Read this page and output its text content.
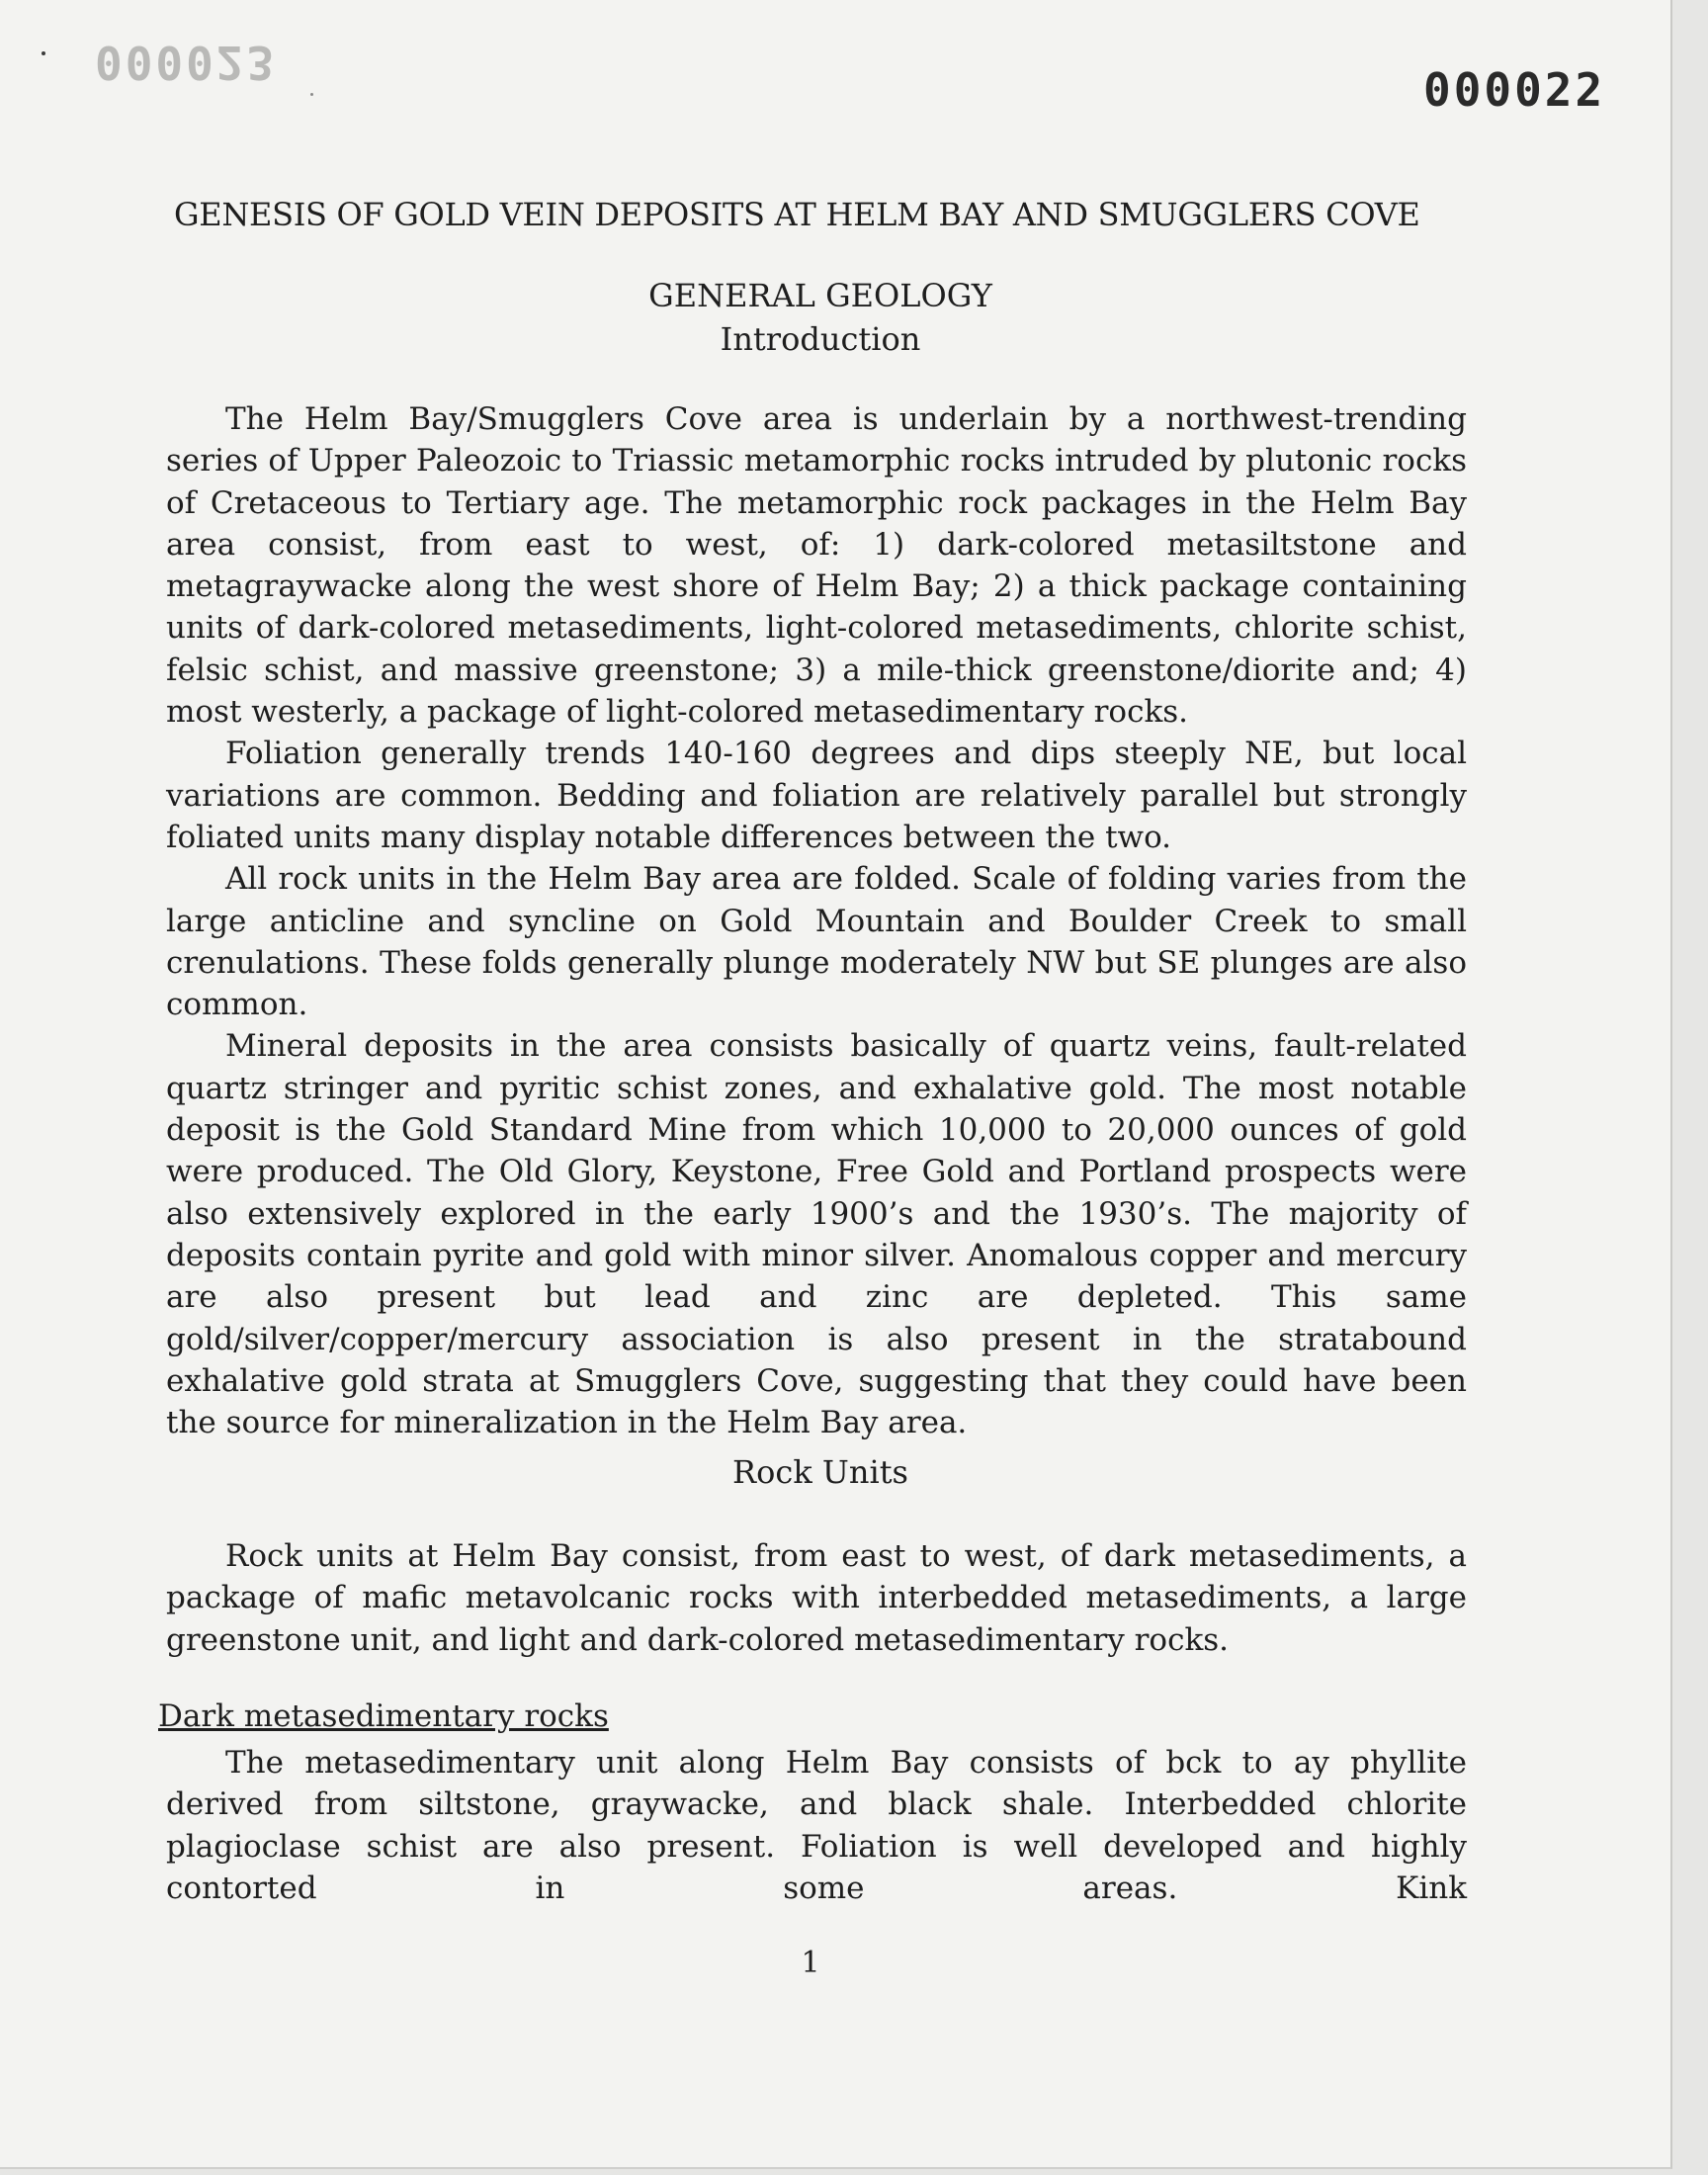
000023
000022
GENESIS OF GOLD VEIN DEPOSITS AT HELM BAY AND SMUGGLERS COVE
GENERAL GEOLOGY
Introduction

The Helm Bay/Smugglers Cove area is underlain by a northwest-trending series of Upper Paleozoic to Triassic metamorphic rocks intruded by plutonic rocks of Cretaceous to Tertiary age. The metamorphic rock packages in the Helm Bay area consist, from east to west, of: 1) dark-colored metasiltstone and metagraywacke along the west shore of Helm Bay; 2) a thick package containing units of dark-colored metasediments, light-colored metasediments, chlorite schist, felsic schist, and massive greenstone; 3) a mile-thick greenstone/diorite and; 4) most westerly, a package of light-colored metasedimentary rocks.

Foliation generally trends 140-160 degrees and dips steeply NE, but local variations are common. Bedding and foliation are relatively parallel but strongly foliated units many display notable differences between the two.

All rock units in the Helm Bay area are folded. Scale of folding varies from the large anticline and syncline on Gold Mountain and Boulder Creek to small crenulations. These folds generally plunge moderately NW but SE plunges are also common.

Mineral deposits in the area consists basically of quartz veins, fault-related quartz stringer and pyritic schist zones, and exhalative gold. The most notable deposit is the Gold Standard Mine from which 10,000 to 20,000 ounces of gold were produced. The Old Glory, Keystone, Free Gold and Portland prospects were also extensively explored in the early 1900’s and the 1930’s. The majority of deposits contain pyrite and gold with minor silver. Anomalous copper and mercury are also present but lead and zinc are depleted. This same gold/silver/copper/mercury association is also present in the stratabound exhalative gold strata at Smugglers Cove, suggesting that they could have been the source for mineralization in the Helm Bay area.

Rock Units

Rock units at Helm Bay consist, from east to west, of dark metasediments, a package of mafic metavolcanic rocks with interbedded metasediments, a large greenstone unit, and light and dark-colored metasedimentary rocks.

Dark metasedimentary rocks

The metasedimentary unit along Helm Bay consists of bck to ay phyllite derived from siltstone, graywacke, and black shale. Interbedded chlorite plagioclase schist are also present. Foliation is well developed and highly contorted in some areas. Kink

1
